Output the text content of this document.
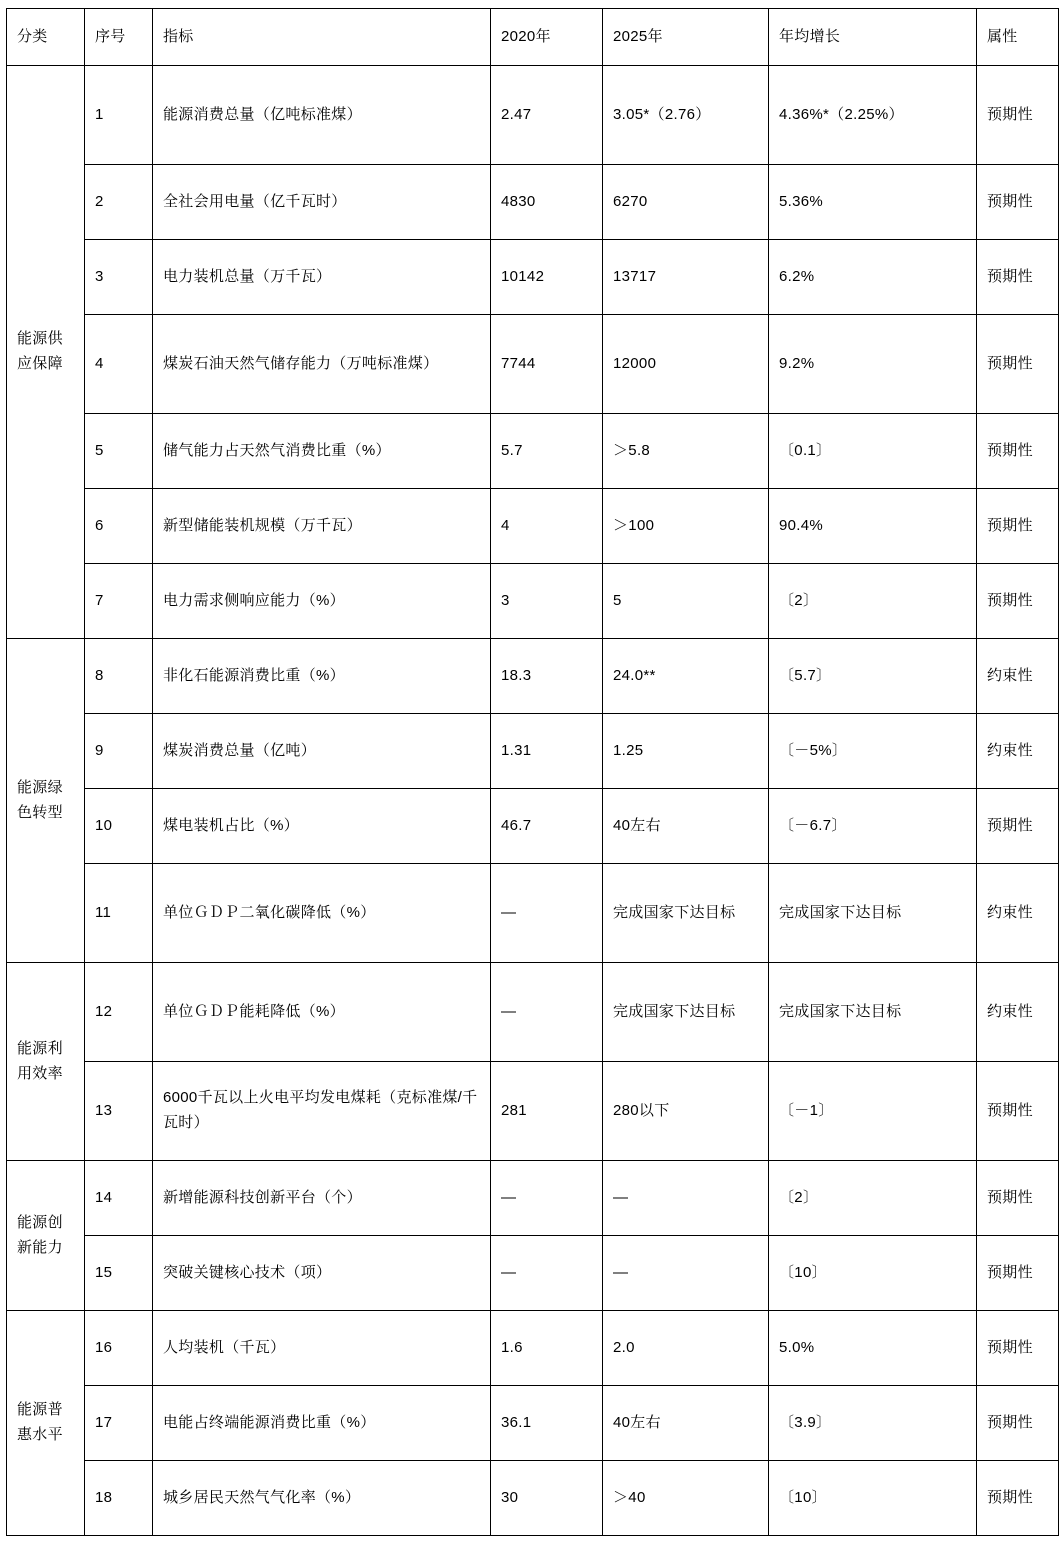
分类	序号	指标	2020年	2025年	年均增长	属性
能源供应保障	1	能源消费总量（亿吨标准煤）	2.47	3.05*（2.76）	4.36%*（2.25%）	预期性
	2	全社会用电量（亿千瓦时）	4830	6270	5.36%	预期性
	3	电力装机总量（万千瓦）	10142	13717	6.2%	预期性
	4	煤炭石油天然气储存能力（万吨标准煤）	7744	12000	9.2%	预期性
	5	储气能力占天然气消费比重（%）	5.7	＞5.8	〔0.1〕	预期性
	6	新型储能装机规模（万千瓦）	4	＞100	90.4%	预期性
	7	电力需求侧响应能力（%）	3	5	〔2〕	预期性
能源绿色转型	8	非化石能源消费比重（%）	18.3	24.0**	〔5.7〕	约束性
	9	煤炭消费总量（亿吨）	1.31	1.25	〔－5%〕	约束性
	10	煤电装机占比（%）	46.7	40左右	〔－6.7〕	预期性
	11	单位ＧＤＰ二氧化碳降低（%）	—	完成国家下达目标	完成国家下达目标	约束性
能源利用效率	12	单位ＧＤＰ能耗降低（%）	—	完成国家下达目标	完成国家下达目标	约束性
	13	6000千瓦以上火电平均发电煤耗（克标准煤/千瓦时）	281	280以下	〔－1〕	预期性
能源创新能力	14	新增能源科技创新平台（个）	—	—	〔2〕	预期性
	15	突破关键核心技术（项）	—	—	〔10〕	预期性
能源普惠水平	16	人均装机（千瓦）	1.6	2.0	5.0%	预期性
	17	电能占终端能源消费比重（%）	36.1	40左右	〔3.9〕	预期性
	18	城乡居民天然气气化率（%）	30	＞40	〔10〕	预期性
